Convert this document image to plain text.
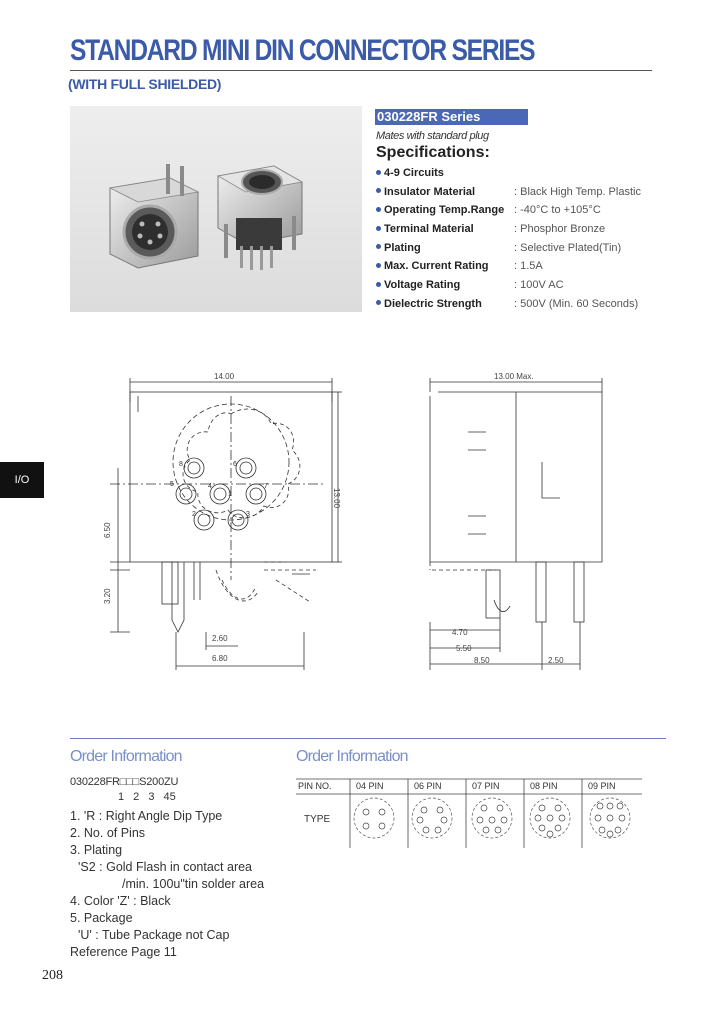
STANDARD MINI DIN CONNECTOR SERIES
(WITH FULL SHIELDED)
030228FR Series
Mates with standard plug
Specifications:
4-9 Circuits
Insulator Material	: Black High Temp. Plastic
Operating Temp.Range : -40°C to +105°C
Terminal Material	: Phosphor Bronze
Plating	: Selective Plated(Tin)
Max. Current Rating : 1.5A
Voltage Rating	: 100V AC
Dielectric Strength	: 500V (Min. 60 Seconds)
I/O
14.00
13.00
6.50
3.20
2.60
6.80
8	6
7
5	4
3
2
1
13.00 Max.
4.70
5.50
8.50	2.50
Order Information	Order Information
030228FR□□□S200ZU
1 2 3 45
1. 'R : Right Angle Dip Type
2. No. of Pins
3. Plating
'S2 : Gold Flash in contact area
/min. 100u"tin solder area
4. Color 'Z' : Black
5. Package
'U' : Tube Package not Cap
Reference Page 11
PIN NO.	04 PIN	06 PIN	07 PIN	08 PIN	09 PIN
TYPE
208
